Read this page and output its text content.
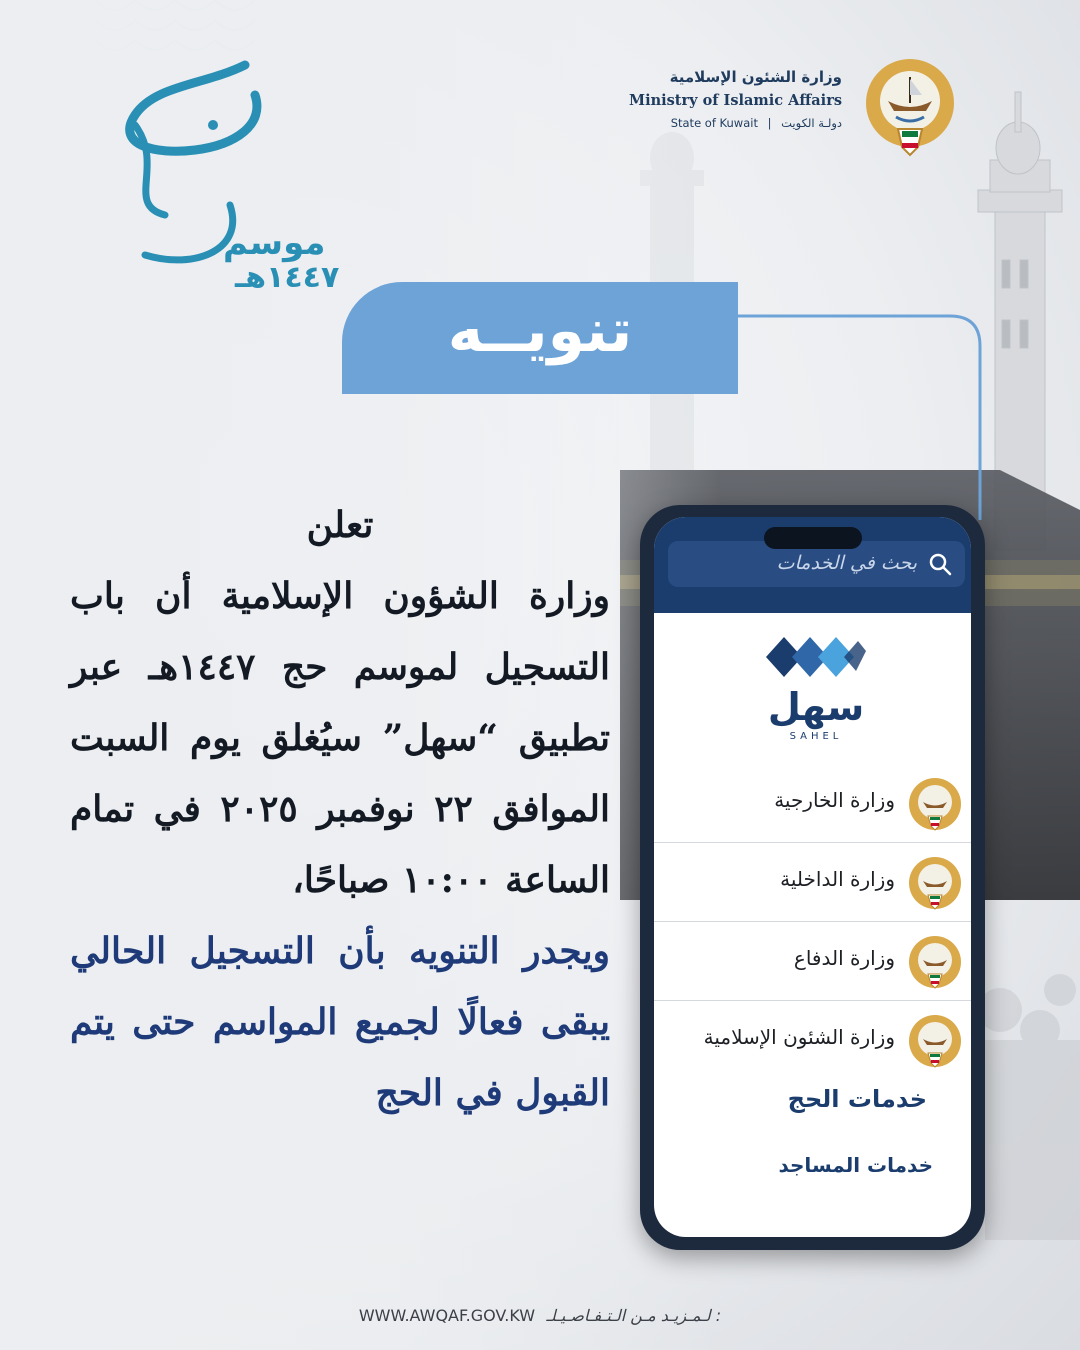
موسم
١٤٤٧هـ
وزارة الشئون الإسلامية
Ministry of Islamic Affairs
State of Kuwait | دولـة الكويت
تنويــه
تعلن
وزارة الشؤون الإسلامية أن باب التسجيل لموسم حج ١٤٤٧هـ عبر تطبيق “سهل” سيُغلق يوم السبت الموافق ٢٢ نوفمبر ٢٠٢٥ في تمام الساعة ١٠:٠٠ صباحًا،
ويجدر التنويه بأن التسجيل الحالي يبقى فعالًا لجميع المواسم حتى يتم القبول في الحج
بحث في الخدمات
سهل
SAHEL
وزارة الخارجية
وزارة الداخلية
وزارة الدفاع
وزارة الشئون الإسلامية
خدمات الحج
خدمات المساجد
WWW.AWQAF.GOV.KW لـمـزيـد مـن الـتـفـاصـيـلـ :
